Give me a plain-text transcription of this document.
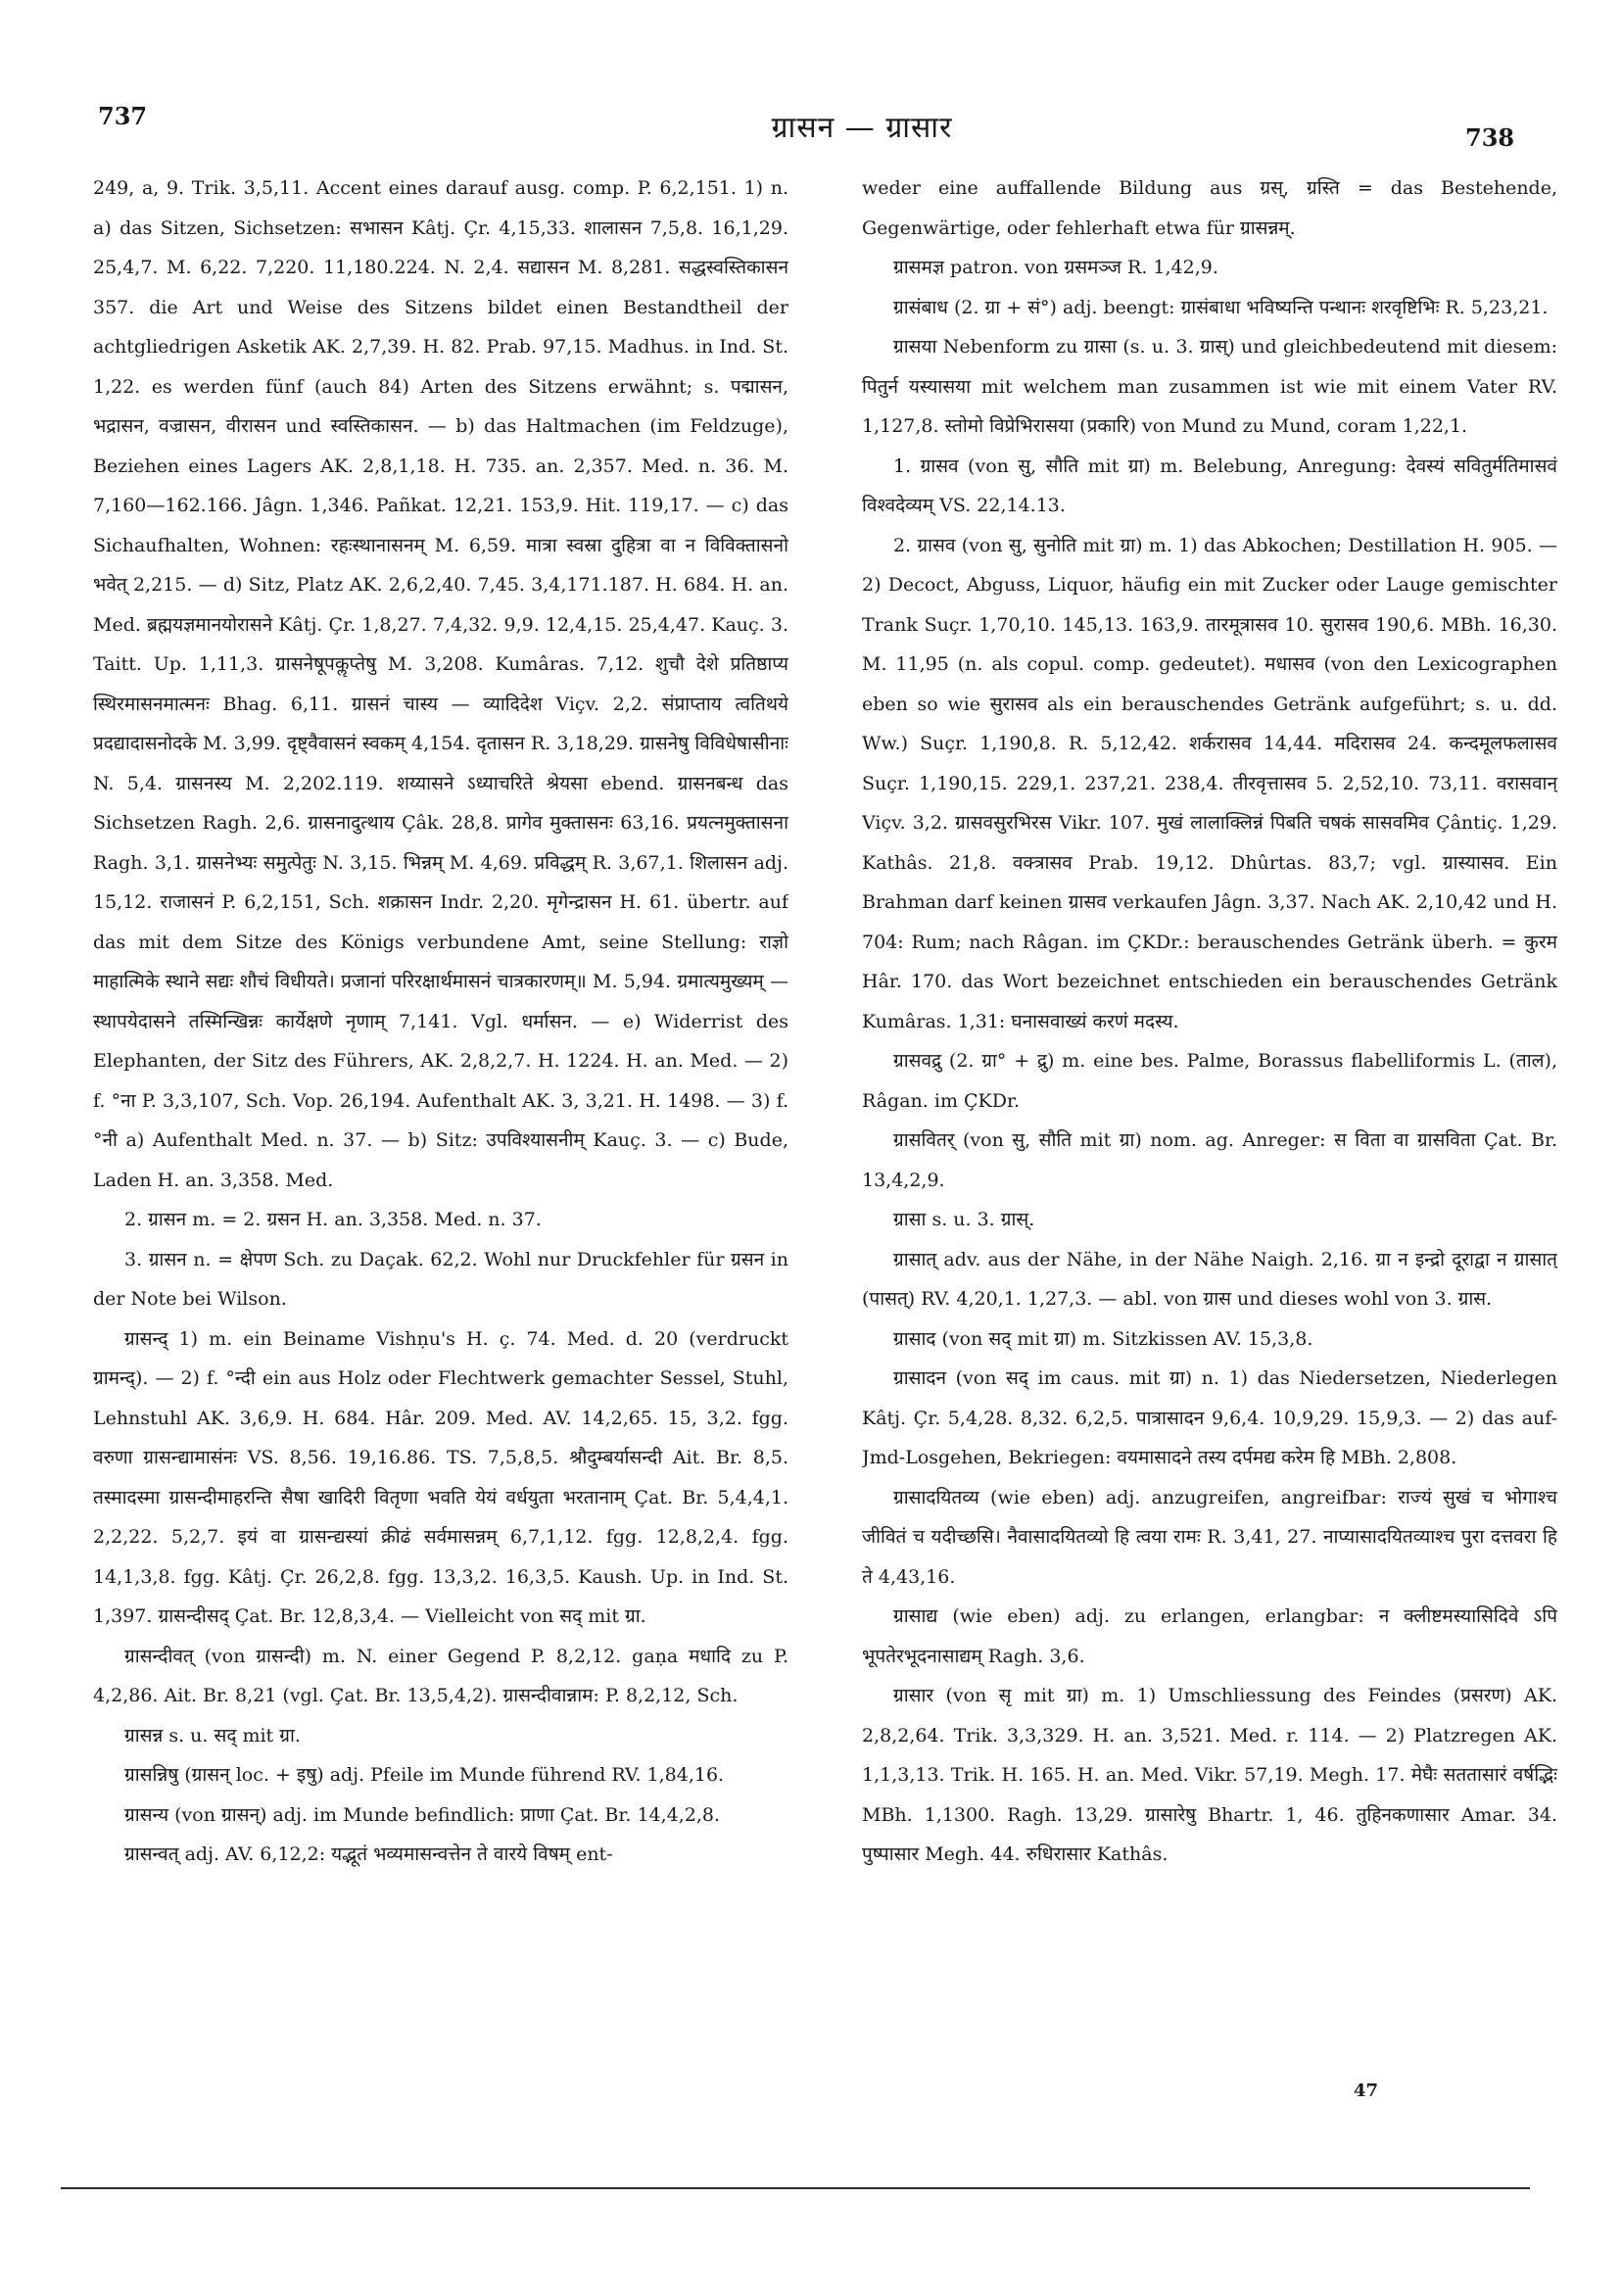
737	ग्रासन — ग्रासार	738

249, a, 9. Trik. 3,5,11. Accent eines darauf ausg. comp. P. 6,2,151. 1) n. a) das Sitzen, Sichsetzen: सभासन Kâtj. Çr. 4,15,33. शालासन 7,5,8. 16,1,29. 25,4,7. M. 6,22. 7,220. 11,180.224. N. 2,4. सद्यासन M. 8,281. सद्धस्वस्तिकासन 357. die Art und Weise des Sitzens bildet einen Bestandtheil der achtgliedrigen Asketik AK. 2,7,39. H. 82. Prab. 97,15. Madhus. in Ind. St. 1,22. es werden fünf (auch 84) Arten des Sitzens erwähnt; s. पद्मासन, भद्रासन, वज्रासन, वीरासन und स्वस्तिकासन. — b) das Haltmachen (im Feldzuge), Beziehen eines Lagers AK. 2,8,1,18. H. 735. an. 2,357. Med. n. 36. M. 7,160—162.166. Jâgn. 1,346. Pañkat. 12,21. 153,9. Hit. 119,17. — c) das Sichaufhalten, Wohnen: रहःस्थानासनम् M. 6,59. मात्रा स्वस्रा दुहित्रा वा न विविक्तासनो भवेत् 2,215. — d) Sitz, Platz AK. 2,6,2,40. 7,45. 3,4,171.187. H. 684. H. an. Med. ब्रह्मयज्ञमानयोरासने Kâtj. Çr. 1,8,27. 7,4,32. 9,9. 12,4,15. 25,4,47. Kauç. 3. Taitt. Up. 1,11,3. ग्रासनेषूपकॢप्तेषु M. 3,208. Kumâras. 7,12. शुचौ देशे प्रतिष्ठाप्य स्थिरमासनमात्मनः Bhag. 6,11. ग्रासनं चास्य — व्यादिदेश Viçv. 2,2. संप्राप्ताय त्वतिथये प्रदद्यादासनोदके M. 3,99. दृष्ट्वैवासनं स्वकम् 4,154. दृतासन R. 3,18,29. ग्रासनेषु विविधेषासीनाः N. 5,4. ग्रासनस्य M. 2,202.119. शय्यासने ऽध्याचरिते श्रेयसा ebend. ग्रासनबन्ध das Sichsetzen Ragh. 2,6. ग्रासनादुत्थाय Çâk. 28,8. प्रागेव मुक्तासनः 63,16. प्रयत्नमुक्तासना Ragh. 3,1. ग्रासनेभ्यः समुत्पेतुः N. 3,15. भिन्नम् M. 4,69. प्रविद्धम् R. 3,67,1. शिलासन adj. 15,12. राजासनं P. 6,2,151, Sch. शक्रासन Indr. 2,20. मृगेन्द्रासन H. 61. übertr. auf das mit dem Sitze des Königs verbundene Amt, seine Stellung: राज्ञो माहात्मिके स्थाने सद्यः शौचं विधीयते। प्रजानां परिरक्षार्थमासनं चात्रकारणम्॥ M. 5,94. ग्रमात्यमुख्यम् — स्थापयेदासने तस्मिन्खिन्नः कार्येक्षणे नृणाम् 7,141. Vgl. धर्मासन. — e) Widerrist des Elephanten, der Sitz des Führers, AK. 2,8,2,7. H. 1224. H. an. Med. — 2) f. °ना P. 3,3,107, Sch. Vop. 26,194. Aufenthalt AK. 3, 3,21. H. 1498. — 3) f. °नी a) Aufenthalt Med. n. 37. — b) Sitz: उपविश्यासनीम् Kauç. 3. — c) Bude, Laden H. an. 3,358. Med.

2. ग्रासन m. = 2. ग्रसन H. an. 3,358. Med. n. 37.

3. ग्रासन n. = क्षेपण Sch. zu Daçak. 62,2. Wohl nur Druckfehler für ग्रसन in der Note bei Wilson.

ग्रासन्द् 1) m. ein Beiname Vishṇu's H. ç. 74. Med. d. 20 (verdruckt ग्रामन्द्). — 2) f. °न्दी ein aus Holz oder Flechtwerk gemachter Sessel, Stuhl, Lehnstuhl AK. 3,6,9. H. 684. Hâr. 209. Med. AV. 14,2,65. 15, 3,2. fgg. वरुणा ग्रासन्द्यामासंनः VS. 8,56. 19,16.86. TS. 7,5,8,5. श्रौदुम्बर्यासन्दी Ait. Br. 8,5. तस्मादस्मा ग्रासन्दीमाहरन्ति सैषा खादिरी वितृणा भवति येयं वर्धयुता भरतानाम् Çat. Br. 5,4,4,1. 2,2,22. 5,2,7. इयं वा ग्रासन्द्यस्यां क्रीढं सर्वमासन्नम् 6,7,1,12. fgg. 12,8,2,4. fgg. 14,1,3,8. fgg. Kâtj. Çr. 26,2,8. fgg. 13,3,2. 16,3,5. Kaush. Up. in Ind. St. 1,397. ग्रासन्दीसद् Çat. Br. 12,8,3,4. — Vielleicht von सद् mit ग्रा.

ग्रासन्दीवत् (von ग्रासन्दी) m. N. einer Gegend P. 8,2,12. gaṇa मधादि zu P. 4,2,86. Ait. Br. 8,21 (vgl. Çat. Br. 13,5,4,2). ग्रासन्दीवान्नाम: P. 8,2,12, Sch.

ग्रासन्न s. u. सद् mit ग्रा.

ग्रासन्निषु (ग्रासन् loc. + इषु) adj. Pfeile im Munde führend RV. 1,84,16.

ग्रासन्य (von ग्रासन्) adj. im Munde befindlich: प्राणा Çat. Br. 14,4,2,8.

ग्रासन्वत् adj. AV. 6,12,2: यद्भूतं भव्यमासन्वत्तेन ते वारये विषम् ent-

weder eine auffallende Bildung aus ग्रस्, ग्रस्ति = das Bestehende, Gegenwärtige, oder fehlerhaft etwa für ग्रासन्नम्.

ग्रासमज्ञ patron. von ग्रसमञ्ज R. 1,42,9.

ग्रासंबाध (2. ग्रा + सं°) adj. beengt: ग्रासंबाधा भविष्यन्ति पन्थानः शरवृष्टिभिः R. 5,23,21.

ग्रासया Nebenform zu ग्रासा (s. u. 3. ग्रास्) und gleichbedeutend mit diesem: पितुर्न यस्यासया mit welchem man zusammen ist wie mit einem Vater RV. 1,127,8. स्तोमो विप्रेभिरासया (प्रकारि) von Mund zu Mund, coram 1,22,1.

1. ग्रासव (von सु, सौति mit ग्रा) m. Belebung, Anregung: देवस्यं सवितुर्मतिमासवं विश्वदेव्यम् VS. 22,14.13.

2. ग्रासव (von सु, सुनोति mit ग्रा) m. 1) das Abkochen; Destillation H. 905. — 2) Decoct, Abguss, Liquor, häufig ein mit Zucker oder Lauge gemischter Trank Suçr. 1,70,10. 145,13. 163,9. तारमूत्रासव 10. सुरासव 190,6. MBh. 16,30. M. 11,95 (n. als copul. comp. gedeutet). मधासव (von den Lexicographen eben so wie सुरासव als ein berauschendes Getränk aufgeführt; s. u. dd. Ww.) Suçr. 1,190,8. R. 5,12,42. शर्करासव 14,44. मदिरासव 24. कन्दमूलफलासव Suçr. 1,190,15. 229,1. 237,21. 238,4. तीरवृत्तासव 5. 2,52,10. 73,11. वरासवान् Viçv. 3,2. ग्रासवसुरभिरस Vikr. 107. मुखं लालाक्लिन्नं पिबति चषकं सासवमिव Çântiç. 1,29. Kathâs. 21,8. वक्त्रासव Prab. 19,12. Dhûrtas. 83,7; vgl. ग्रास्यासव. Ein Brahman darf keinen ग्रासव verkaufen Jâgn. 3,37. Nach AK. 2,10,42 und H. 704: Rum; nach Râgan. im ÇKDr.: berauschendes Getränk überh. = कुरम Hâr. 170. das Wort bezeichnet entschieden ein berauschendes Getränk Kumâras. 1,31: घनासवाख्यं करणं मदस्य.

ग्रासवद्रु (2. ग्रा° + द्रु) m. eine bes. Palme, Borassus flabelliformis L. (ताल), Râgan. im ÇKDr.

ग्रासवितर् (von सु, सौति mit ग्रा) nom. ag. Anreger: स विता वा ग्रासविता Çat. Br. 13,4,2,9.

ग्रासा s. u. 3. ग्रास्.

ग्रासात् adv. aus der Nähe, in der Nähe Naigh. 2,16. ग्रा न इन्द्रो दूराद्वा न ग्रासात् (पासत्) RV. 4,20,1. 1,27,3. — abl. von ग्रास und dieses wohl von 3. ग्रास.

ग्रासाद (von सद् mit ग्रा) m. Sitzkissen AV. 15,3,8.

ग्रासादन (von सद् im caus. mit ग्रा) n. 1) das Niedersetzen, Niederlegen Kâtj. Çr. 5,4,28. 8,32. 6,2,5. पात्रासादन 9,6,4. 10,9,29. 15,9,3. — 2) das auf-Jmd-Losgehen, Bekriegen: वयमासादने तस्य दर्पमद्य करेम हि MBh. 2,808.

ग्रासादयितव्य (wie eben) adj. anzugreifen, angreifbar: राज्यं सुखं च भोगाश्च जीवितं च यदीच्छसि। नैवासादयितव्यो हि त्वया रामः R. 3,41, 27. नाप्यासादयितव्याश्च पुरा दत्तवरा हि ते 4,43,16.

ग्रासाद्य (wie eben) adj. zu erlangen, erlangbar: न क्लीष्टमस्यासिदिवे ऽपि भूपतेरभूदनासाद्यम् Ragh. 3,6.

ग्रासार (von सृ mit ग्रा) m. 1) Umschliessung des Feindes (प्रसरण) AK. 2,8,2,64. Trik. 3,3,329. H. an. 3,521. Med. r. 114. — 2) Platzregen AK. 1,1,3,13. Trik. H. 165. H. an. Med. Vikr. 57,19. Megh. 17. मेघैः सततासारं वर्षद्भिः MBh. 1,1300. Ragh. 13,29. ग्रासारेषु Bhartr. 1, 46. तुहिनकणासार Amar. 34. पुष्पासार Megh. 44. रुधिरासार Kathâs.

47
